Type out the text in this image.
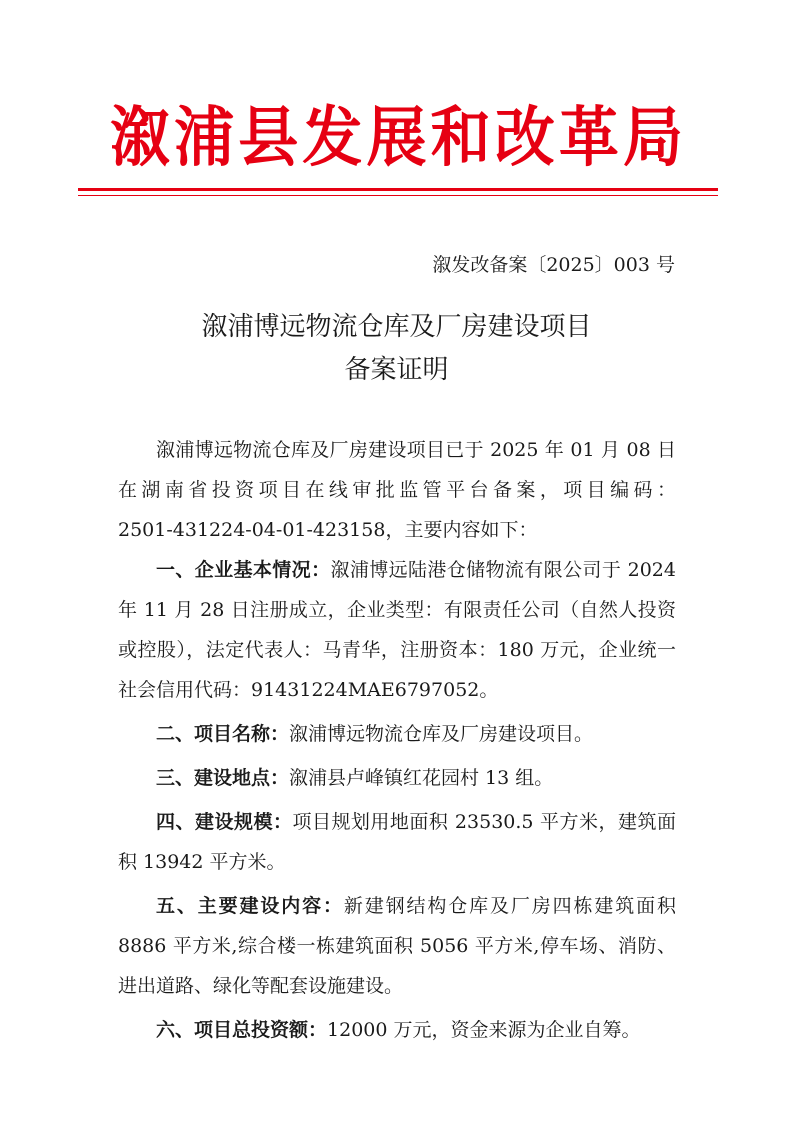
溆 浦 县 发 展 和 改 革 局
溆发改备案〔2025〕003 号
溆浦博远物流仓库及厂房建设项目
备案证明

溆浦博远物流仓库及厂房建设项目已于 2025 年 01 月 08 日在湖南省投资项目在线审批监管平台备案，项目编码：2501-431224-04-01-423158，主要内容如下：

一、企业基本情况：溆浦博远陆港仓储物流有限公司于 2024 年 11 月 28 日注册成立，企业类型：有限责任公司（自然人投资或控股），法定代表人：马青华，注册资本：180 万元，企业统一社会信用代码：91431224MAE6797052。

二、项目名称：溆浦博远物流仓库及厂房建设项目。

三、建设地点：溆浦县卢峰镇红花园村 13 组。

四、建设规模：项目规划用地面积 23530.5 平方米，建筑面积 13942 平方米。

五、主要建设内容：新建钢结构仓库及厂房四栋建筑面积 8886 平方米,综合楼一栋建筑面积 5056 平方米,停车场、消防、进出道路、绿化等配套设施建设。

六、项目总投资额：12000 万元，资金来源为企业自筹。
